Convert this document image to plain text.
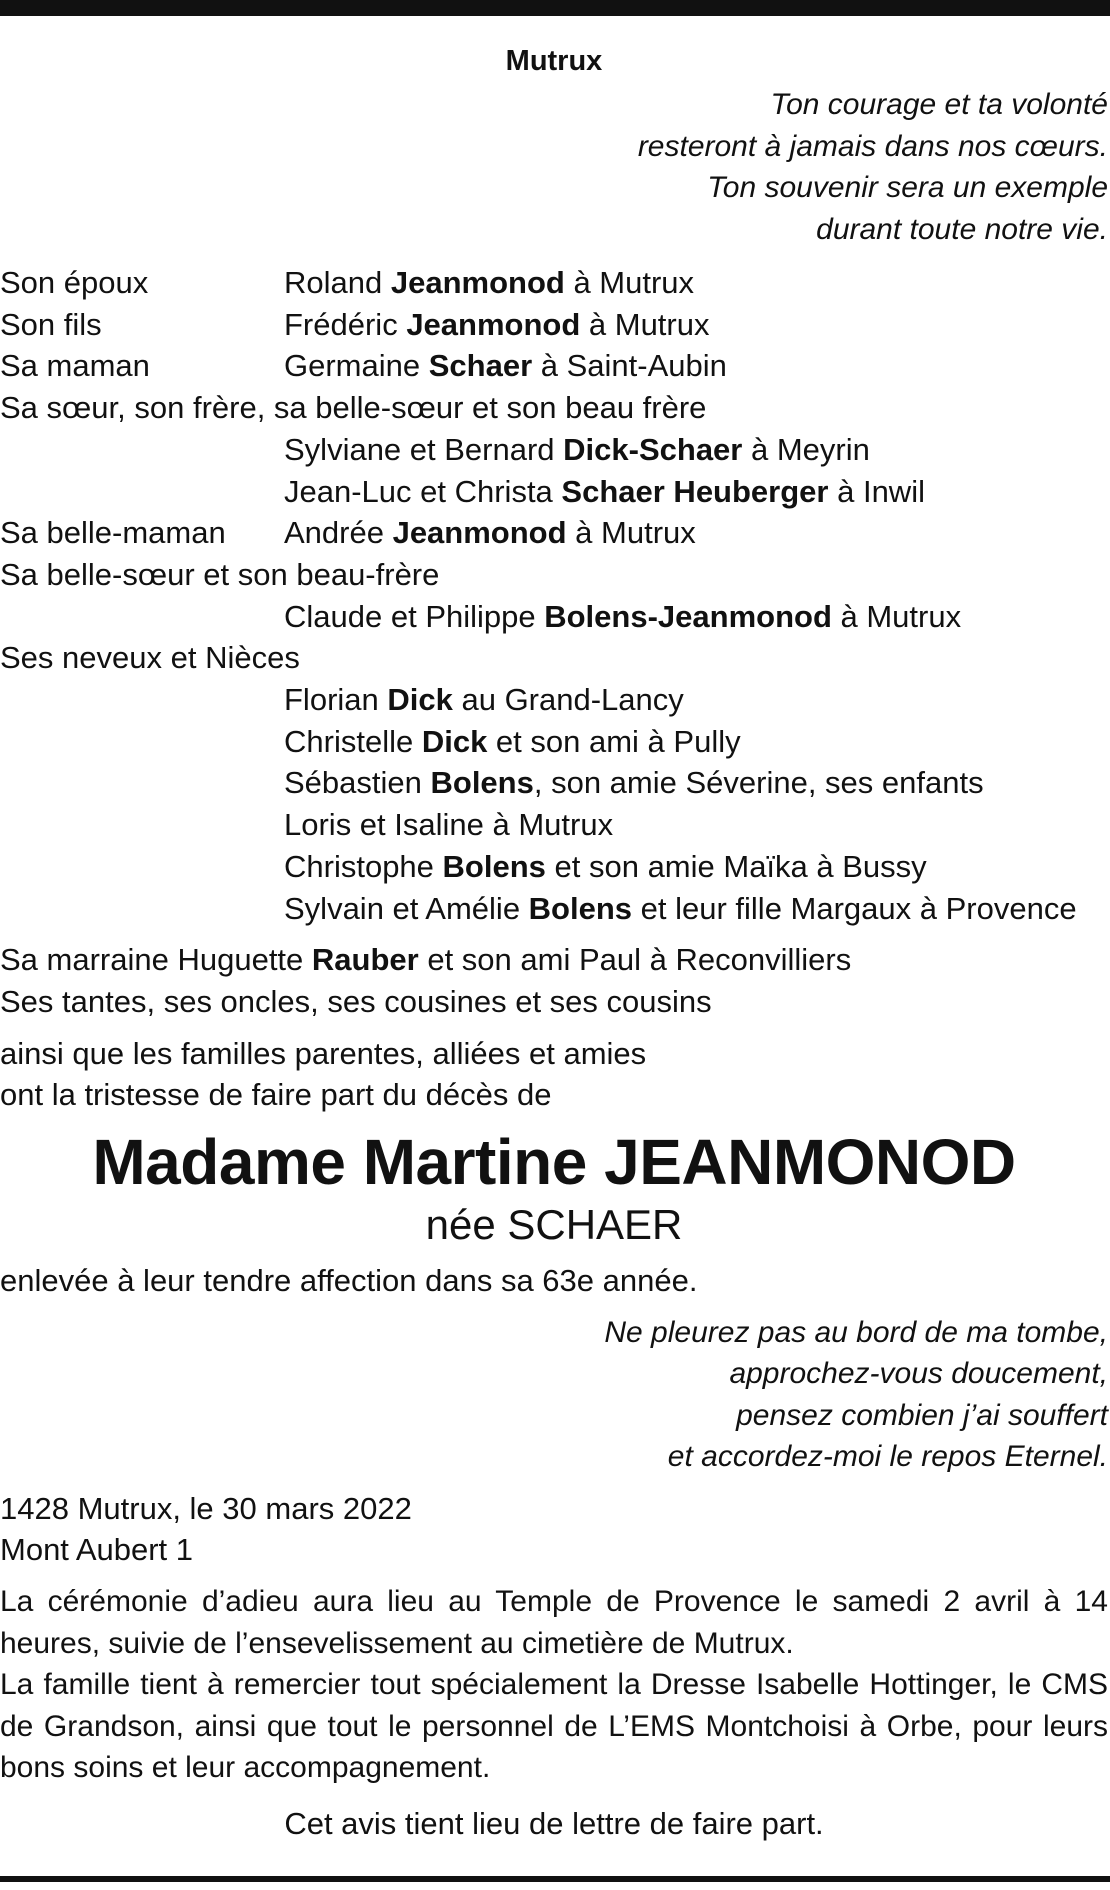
Mutrux
Ton courage et ta volonté
resteront à jamais dans nos cœurs.
Ton souvenir sera un exemple
durant toute notre vie.
Son époux	Roland Jeanmonod à Mutrux
Son fils	Frédéric Jeanmonod à Mutrux
Sa maman	Germaine Schaer à Saint-Aubin
Sa sœur, son frère, sa belle-sœur et son beau frère
Sylviane et Bernard Dick-Schaer à Meyrin
Jean-Luc et Christa Schaer Heuberger à Inwil
Sa belle-maman	Andrée Jeanmonod à Mutrux
Sa belle-sœur et son beau-frère
Claude et Philippe Bolens-Jeanmonod à Mutrux
Ses neveux et Nièces
Florian Dick au Grand-Lancy
Christelle Dick et son ami à Pully
Sébastien Bolens, son amie Séverine, ses enfants
Loris et Isaline à Mutrux
Christophe Bolens et son amie Maïka à Bussy
Sylvain et Amélie Bolens et leur fille Margaux à Provence
Sa marraine Huguette Rauber et son ami Paul à Reconvilliers
Ses tantes, ses oncles, ses cousines et ses cousins
ainsi que les familles parentes, alliées et amies
ont la tristesse de faire part du décès de
Madame Martine JEANMONOD
née SCHAER
enlevée à leur tendre affection dans sa 63e année.
Ne pleurez pas au bord de ma tombe,
approchez-vous doucement,
pensez combien j’ai souffert
et accordez-moi le repos Eternel.
1428 Mutrux, le 30 mars 2022
Mont Aubert 1
La cérémonie d’adieu aura lieu au Temple de Provence le samedi 2 avril à 14 heures, suivie de l’ensevelissement au cimetière de Mutrux.
La famille tient à remercier tout spécialement la Dresse Isabelle Hottinger, le CMS de Grandson, ainsi que tout le personnel de L’EMS Montchoisi à Orbe, pour leurs bons soins et leur accompagnement.
Cet avis tient lieu de lettre de faire part.
